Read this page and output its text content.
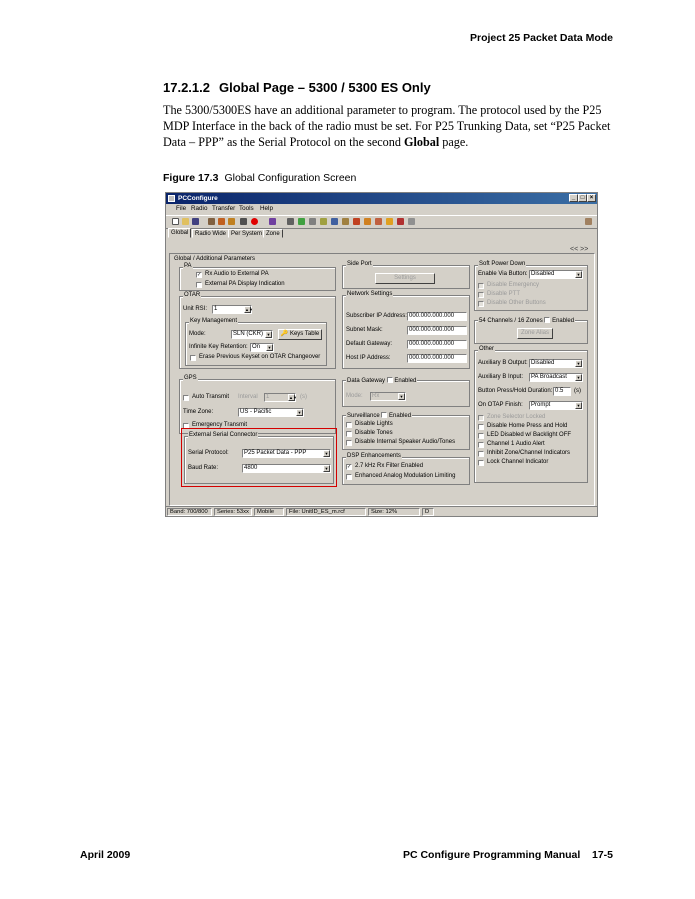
Project 25 Packet Data Mode
17.2.1.2 Global Page – 5300 / 5300 ES Only
The 5300/5300ES have an additional parameter to program. The protocol used by the P25 MDP Interface in the back of the radio must be set. For P25 Trunking Data, set “P25 Packet Data – PPP” as the Serial Protocol on the second Global page.
Figure 17.3 Global Configuration Screen
PCConfigure	_ □ ×
File Radio Transfer Tools Help
Global	Radio Wide Per System Zone
<< >>
Global / Additional Parameters
PA
✓ Rx Audio to External PA
External PA Display Indication
OTAR
Unit RSI:	1	▲▼
Key Management
Mode:	SLN (CKR) ▼	🔑 Keys Table
Infinite Key Retention: On	▼
Erase Previous Keyset on OTAR Changeover
GPS
Auto Transmit Interval	1	▲▼ (s)
Time Zone:	US - Pacific	▼
Emergency Transmit
External Serial Connector
Serial Protocol:	P25 Packet Data - PPP	▼
Baud Rate:	4800	▼
Side Port
Settings
Network Settings
Subscriber IP Address: 000.000.000.000
Subnet Mask:	000.000.000.000
Default Gateway:	000.000.000.000
Host IP Address:	000.000.000.000
Data Gateway Enabled
Mode:	Rx	▼
Surveillance Enabled
Disable Lights
Disable Tones
Disable Internal Speaker Audio/Tones
DSP Enhancements
✓ 2.7 kHz Rx Filter Enabled
Enhanced Analog Modulation Limiting
Soft Power Down
Enable Via Button: Disabled	▼
Disable Emergency
Disable PTT
Disable Other Buttons
54 Channels / 16 Zones Enabled
Zone Alias
Other
Auxiliary B Output: Disabled	▼
Auxiliary B Input:	PA Broadcast	▼
Button Press/Hold Duration: 0.5	(s)
On OTAP Finish:	Prompt	▼
Zone Selector Locked
Disable Home Press and Hold
LED Disabled w/ Backlight OFF
Channel 1 Audio Alert
Inhibit Zone/Channel Indicators
Lock Channel Indicator
Band: 700/800	Series: 53xx	Mobile	File: UnitID_ES_m.rcf	Size: 12%	D
April 2009	PC Configure Programming Manual    17-5
